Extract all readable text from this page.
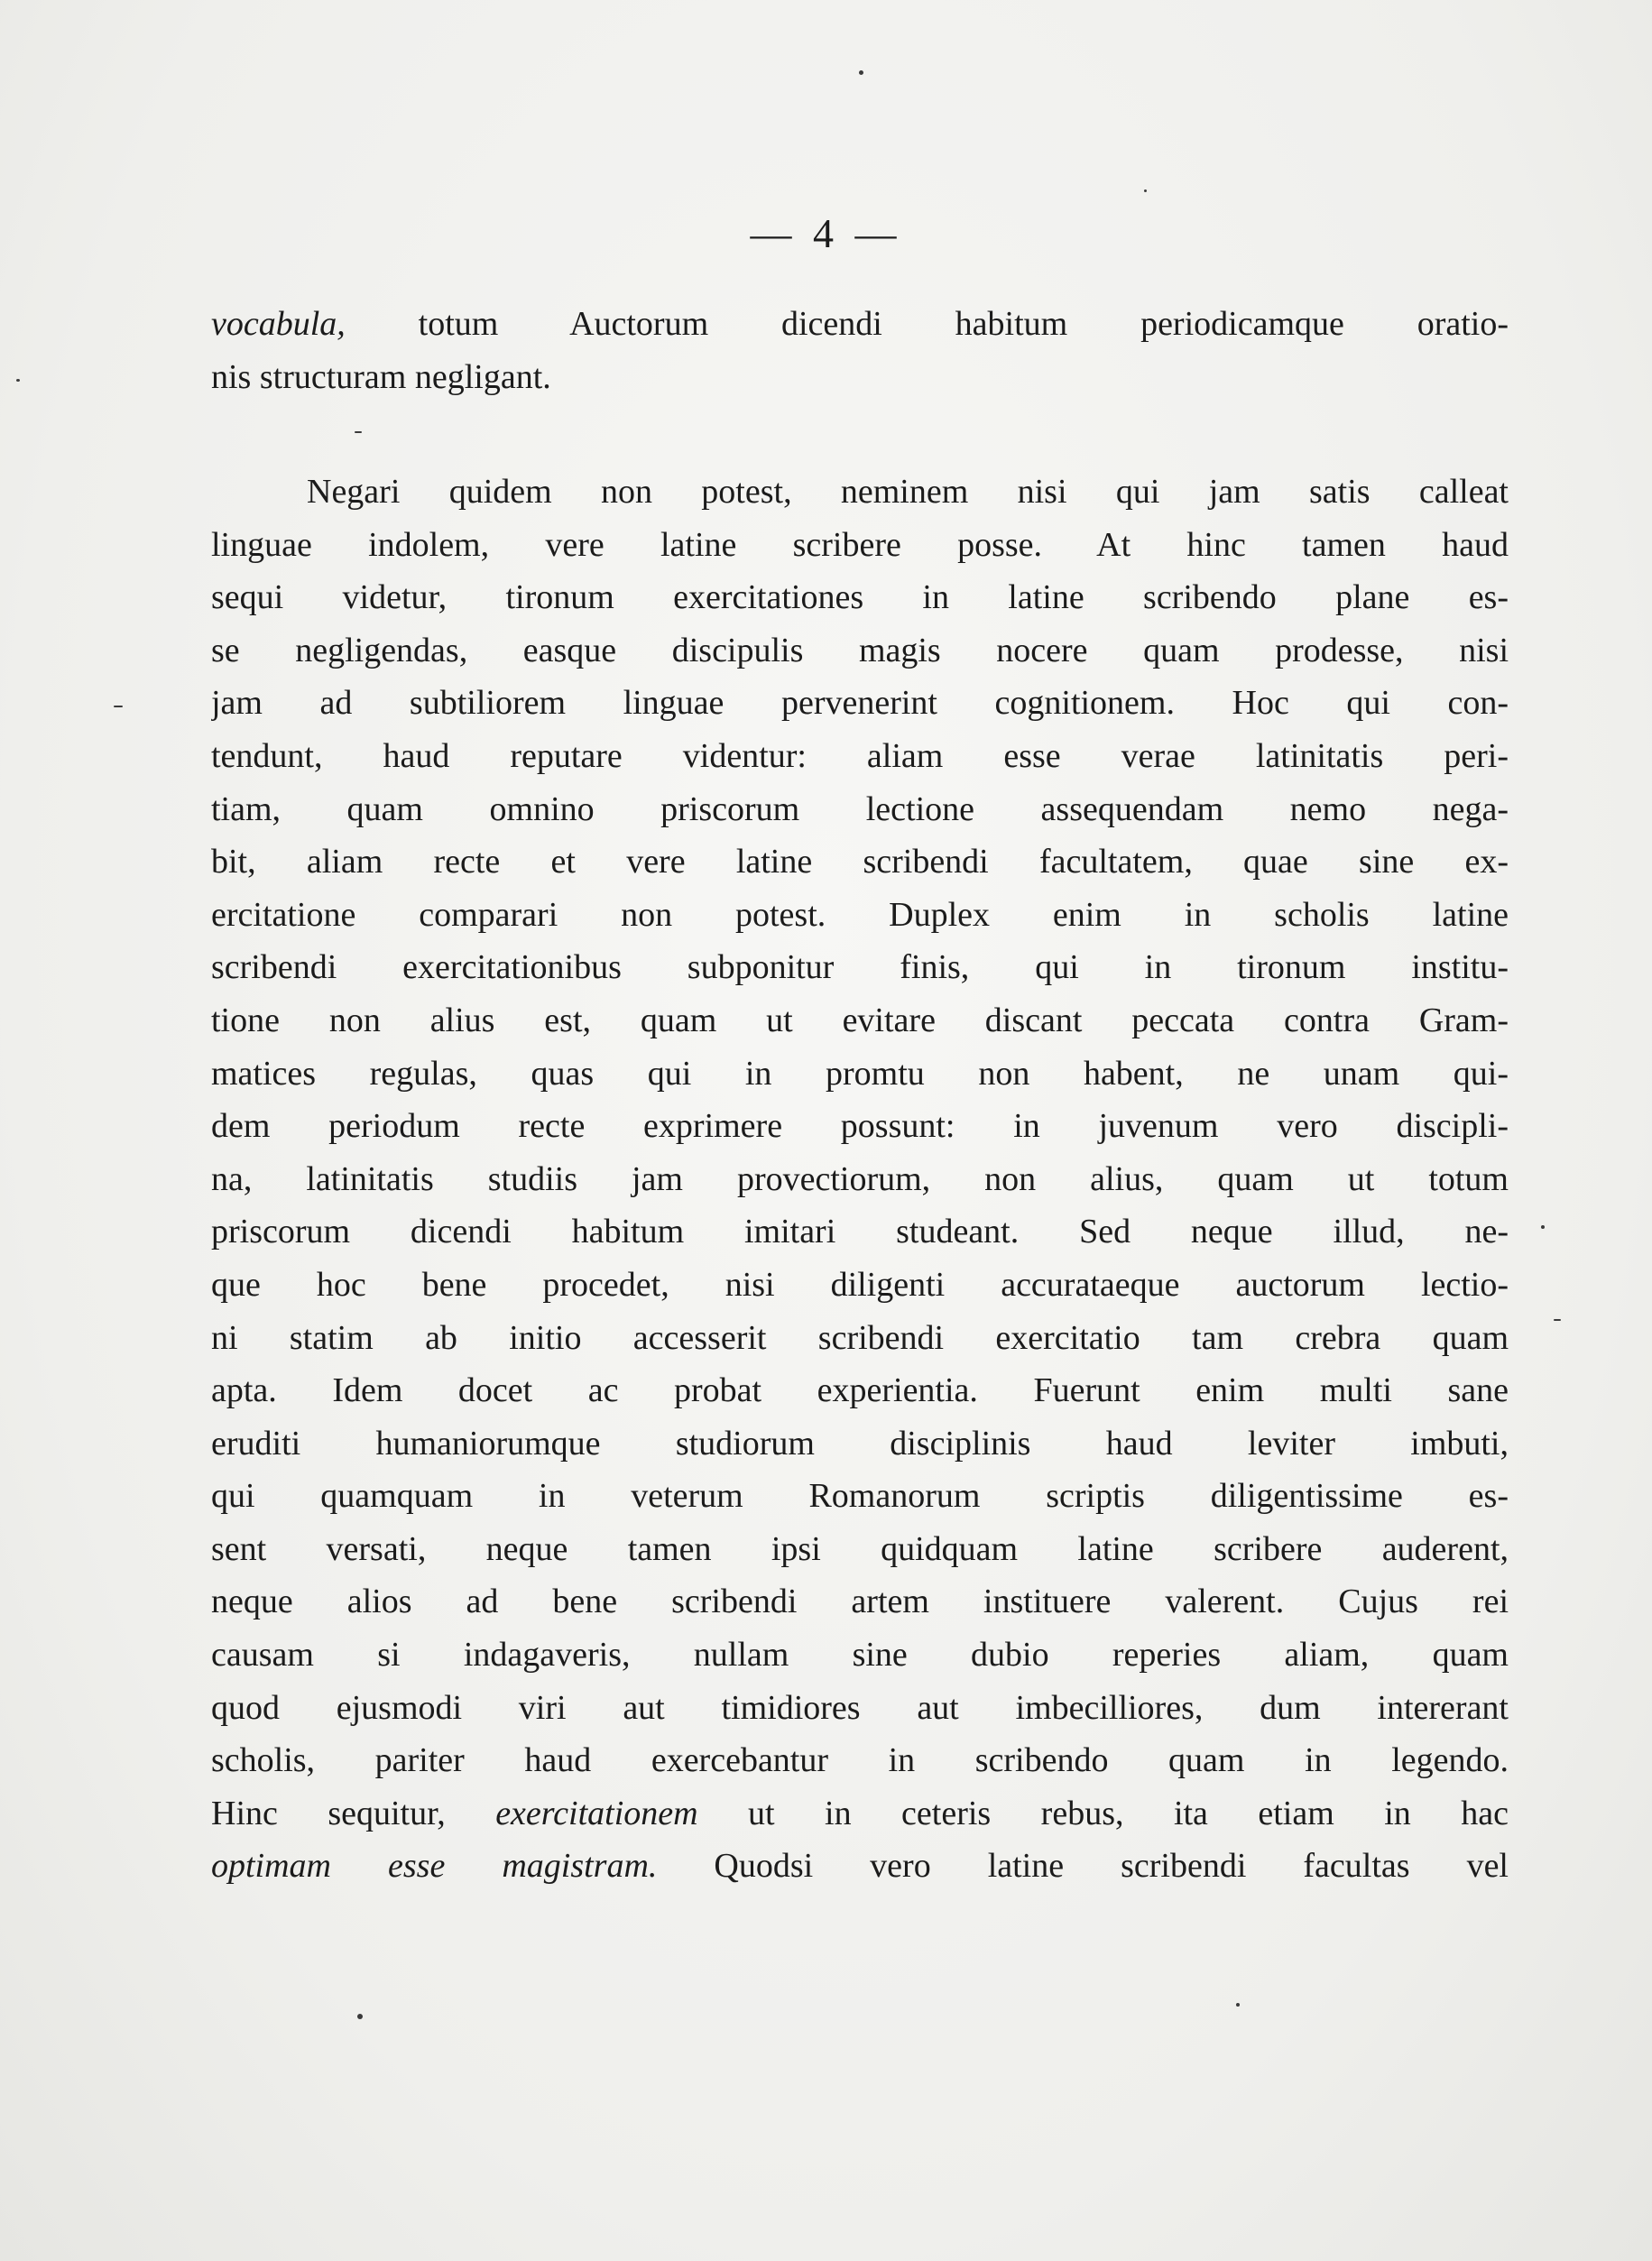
— 4 —
vocabula, totum Auctorum dicendi habitum periodicamque oratio-
nis structuram negligant.
Negari quidem non potest, neminem nisi qui jam satis calleat
linguae indolem, vere latine scribere posse. At hinc tamen haud
sequi videtur, tironum exercitationes in latine scribendo plane es-
se negligendas, easque discipulis magis nocere quam prodesse, nisi
jam ad subtiliorem linguae pervenerint cognitionem. Hoc qui con-
tendunt, haud reputare videntur: aliam esse verae latinitatis peri-
tiam, quam omnino priscorum lectione assequendam nemo nega-
bit, aliam recte et vere latine scribendi facultatem, quae sine ex-
ercitatione comparari non potest. Duplex enim in scholis latine
scribendi exercitationibus subponitur finis, qui in tironum institu-
tione non alius est, quam ut evitare discant peccata contra Gram-
matices regulas, quas qui in promtu non habent, ne unam qui-
dem periodum recte exprimere possunt: in juvenum vero discipli-
na, latinitatis studiis jam provectiorum, non alius, quam ut totum
priscorum dicendi habitum imitari studeant. Sed neque illud, ne-
que hoc bene procedet, nisi diligenti accurataeque auctorum lectio-
ni statim ab initio accesserit scribendi exercitatio tam crebra quam
apta. Idem docet ac probat experientia. Fuerunt enim multi sane
eruditi humaniorumque studiorum disciplinis haud leviter imbuti,
qui quamquam in veterum Romanorum scriptis diligentissime es-
sent versati, neque tamen ipsi quidquam latine scribere auderent,
neque alios ad bene scribendi artem instituere valerent. Cujus rei
causam si indagaveris, nullam sine dubio reperies aliam, quam
quod ejusmodi viri aut timidiores aut imbecilliores, dum intererant
scholis, pariter haud exercebantur in scribendo quam in legendo.
Hinc sequitur, exercitationem ut in ceteris rebus, ita etiam in hac
optimam esse magistram. Quodsi vero latine scribendi facultas vel
